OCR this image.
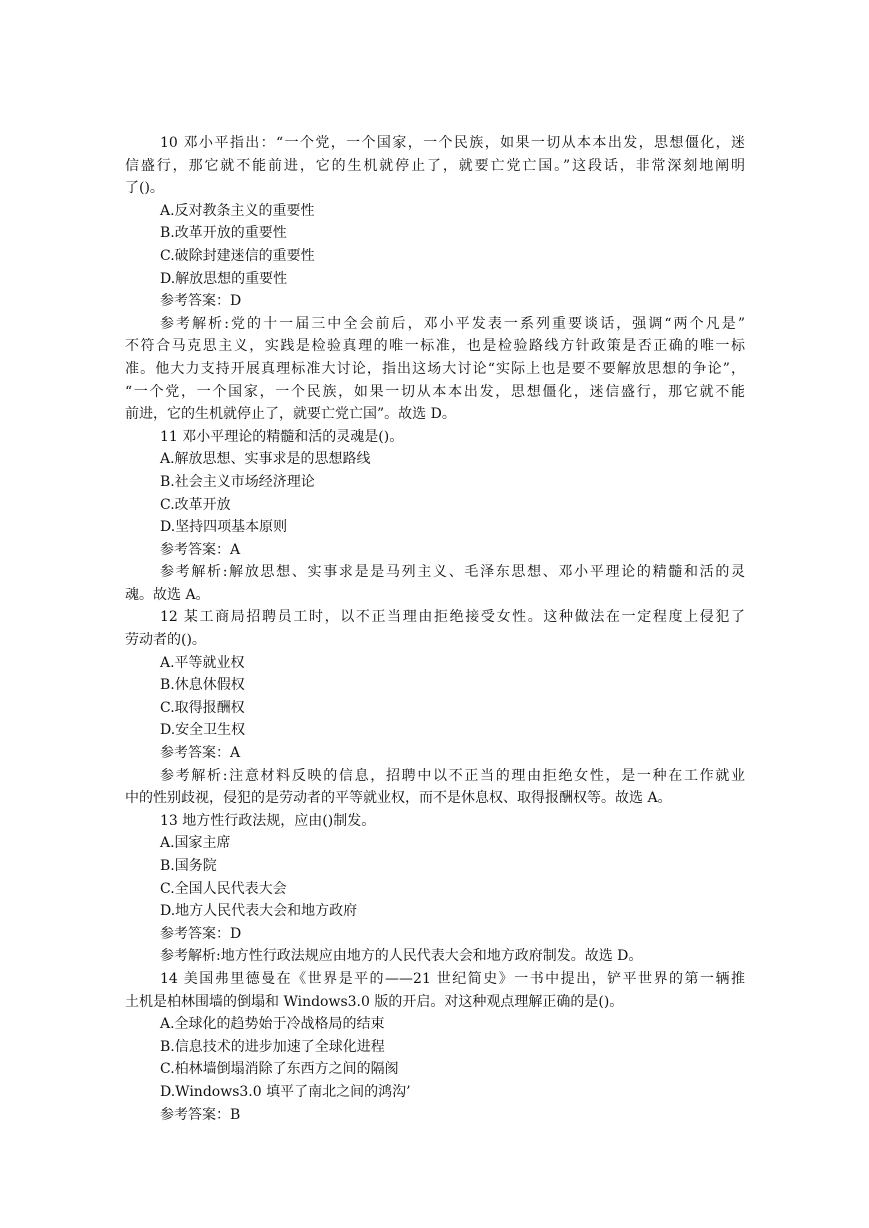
10 邓小平指出：“一个党，一个国家，一个民族，如果一切从本本出发，思想僵化，迷
信盛行，那它就不能前进，它的生机就停止了，就要亡党亡国。”这段话，非常深刻地阐明
了()。
A.反对教条主义的重要性
B.改革开放的重要性
C.破除封建迷信的重要性
D.解放思想的重要性
参考答案：D
参考解析:党的十一届三中全会前后，邓小平发表一系列重要谈话，强调“两个凡是”
不符合马克思主义，实践是检验真理的唯一标准，也是检验路线方针政策是否正确的唯一标
准。他大力支持开展真理标准大讨论，指出这场大讨论“实际上也是要不要解放思想的争论”，
“一个党，一个国家，一个民族，如果一切从本本出发，思想僵化，迷信盛行，那它就不能
前进，它的生机就停止了，就要亡党亡国”。故选 D。
11 邓小平理论的精髓和活的灵魂是()。
A.解放思想、实事求是的思想路线
B.社会主义市场经济理论
C.改革开放
D.坚持四项基本原则
参考答案：A
参考解析:解放思想、实事求是是马列主义、毛泽东思想、邓小平理论的精髓和活的灵
魂。故选 A。
12 某工商局招聘员工时，以不正当理由拒绝接受女性。这种做法在一定程度上侵犯了
劳动者的()。
A.平等就业权
B.休息休假权
C.取得报酬权
D.安全卫生权
参考答案：A
参考解析:注意材料反映的信息，招聘中以不正当的理由拒绝女性，是一种在工作就业
中的性别歧视，侵犯的是劳动者的平等就业权，而不是休息权、取得报酬权等。故选 A。
13 地方性行政法规，应由()制发。
A.国家主席
B.国务院
C.全国人民代表大会
D.地方人民代表大会和地方政府
参考答案：D
参考解析:地方性行政法规应由地方的人民代表大会和地方政府制发。故选 D。
14 美国弗里德曼在《世界是平的——21 世纪简史》一书中提出，铲平世界的第一辆推
土机是柏林围墙的倒塌和 Windows3.0 版的开启。对这种观点理解正确的是()。
A.全球化的趋势始于冷战格局的结束
B.信息技术的进步加速了全球化进程
C.柏林墙倒塌消除了东西方之间的隔阂
D.Windows3.0 填平了南北之间的鸿沟’
参考答案：B
